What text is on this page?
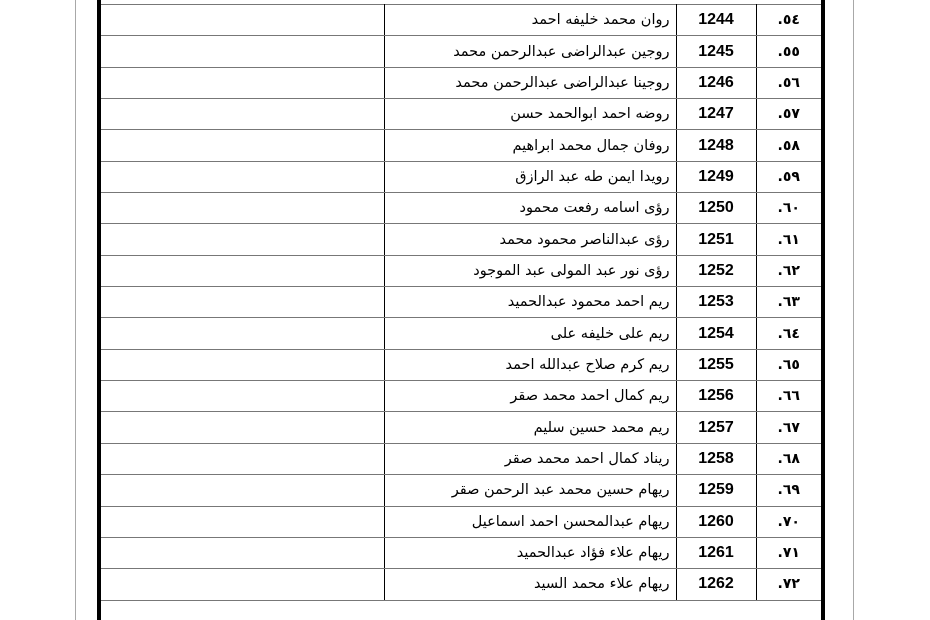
	روان محمد خليفه احمد	1244	.٥٤
	روجين عبدالراضى عبدالرحمن محمد	1245	.٥٥
	روجينا عبدالراضى عبدالرحمن محمد	1246	.٥٦
	روضه احمد ابوالحمد حسن	1247	.٥٧
	روفان جمال محمد ابراهيم	1248	.٥٨
	رويدا ايمن طه عبد الرازق	1249	.٥٩
	رؤى اسامه رفعت محمود	1250	.٦٠
	رؤى عبدالناصر محمود محمد	1251	.٦١
	رؤى نور عبد المولى عبد الموجود	1252	.٦٢
	ريم احمد محمود عبدالحميد	1253	.٦٣
	ريم على خليفه على	1254	.٦٤
	ريم كرم صلاح عبدالله احمد	1255	.٦٥
	ريم كمال احمد محمد صقر	1256	.٦٦
	ريم محمد حسين سليم	1257	.٦٧
	ريناد كمال احمد محمد صقر	1258	.٦٨
	ريهام حسين محمد عبد الرحمن صقر	1259	.٦٩
	ريهام عبدالمحسن احمد اسماعيل	1260	.٧٠
	ريهام علاء فؤاد عبدالحميد	1261	.٧١
	ريهام علاء محمد السيد	1262	.٧٢
